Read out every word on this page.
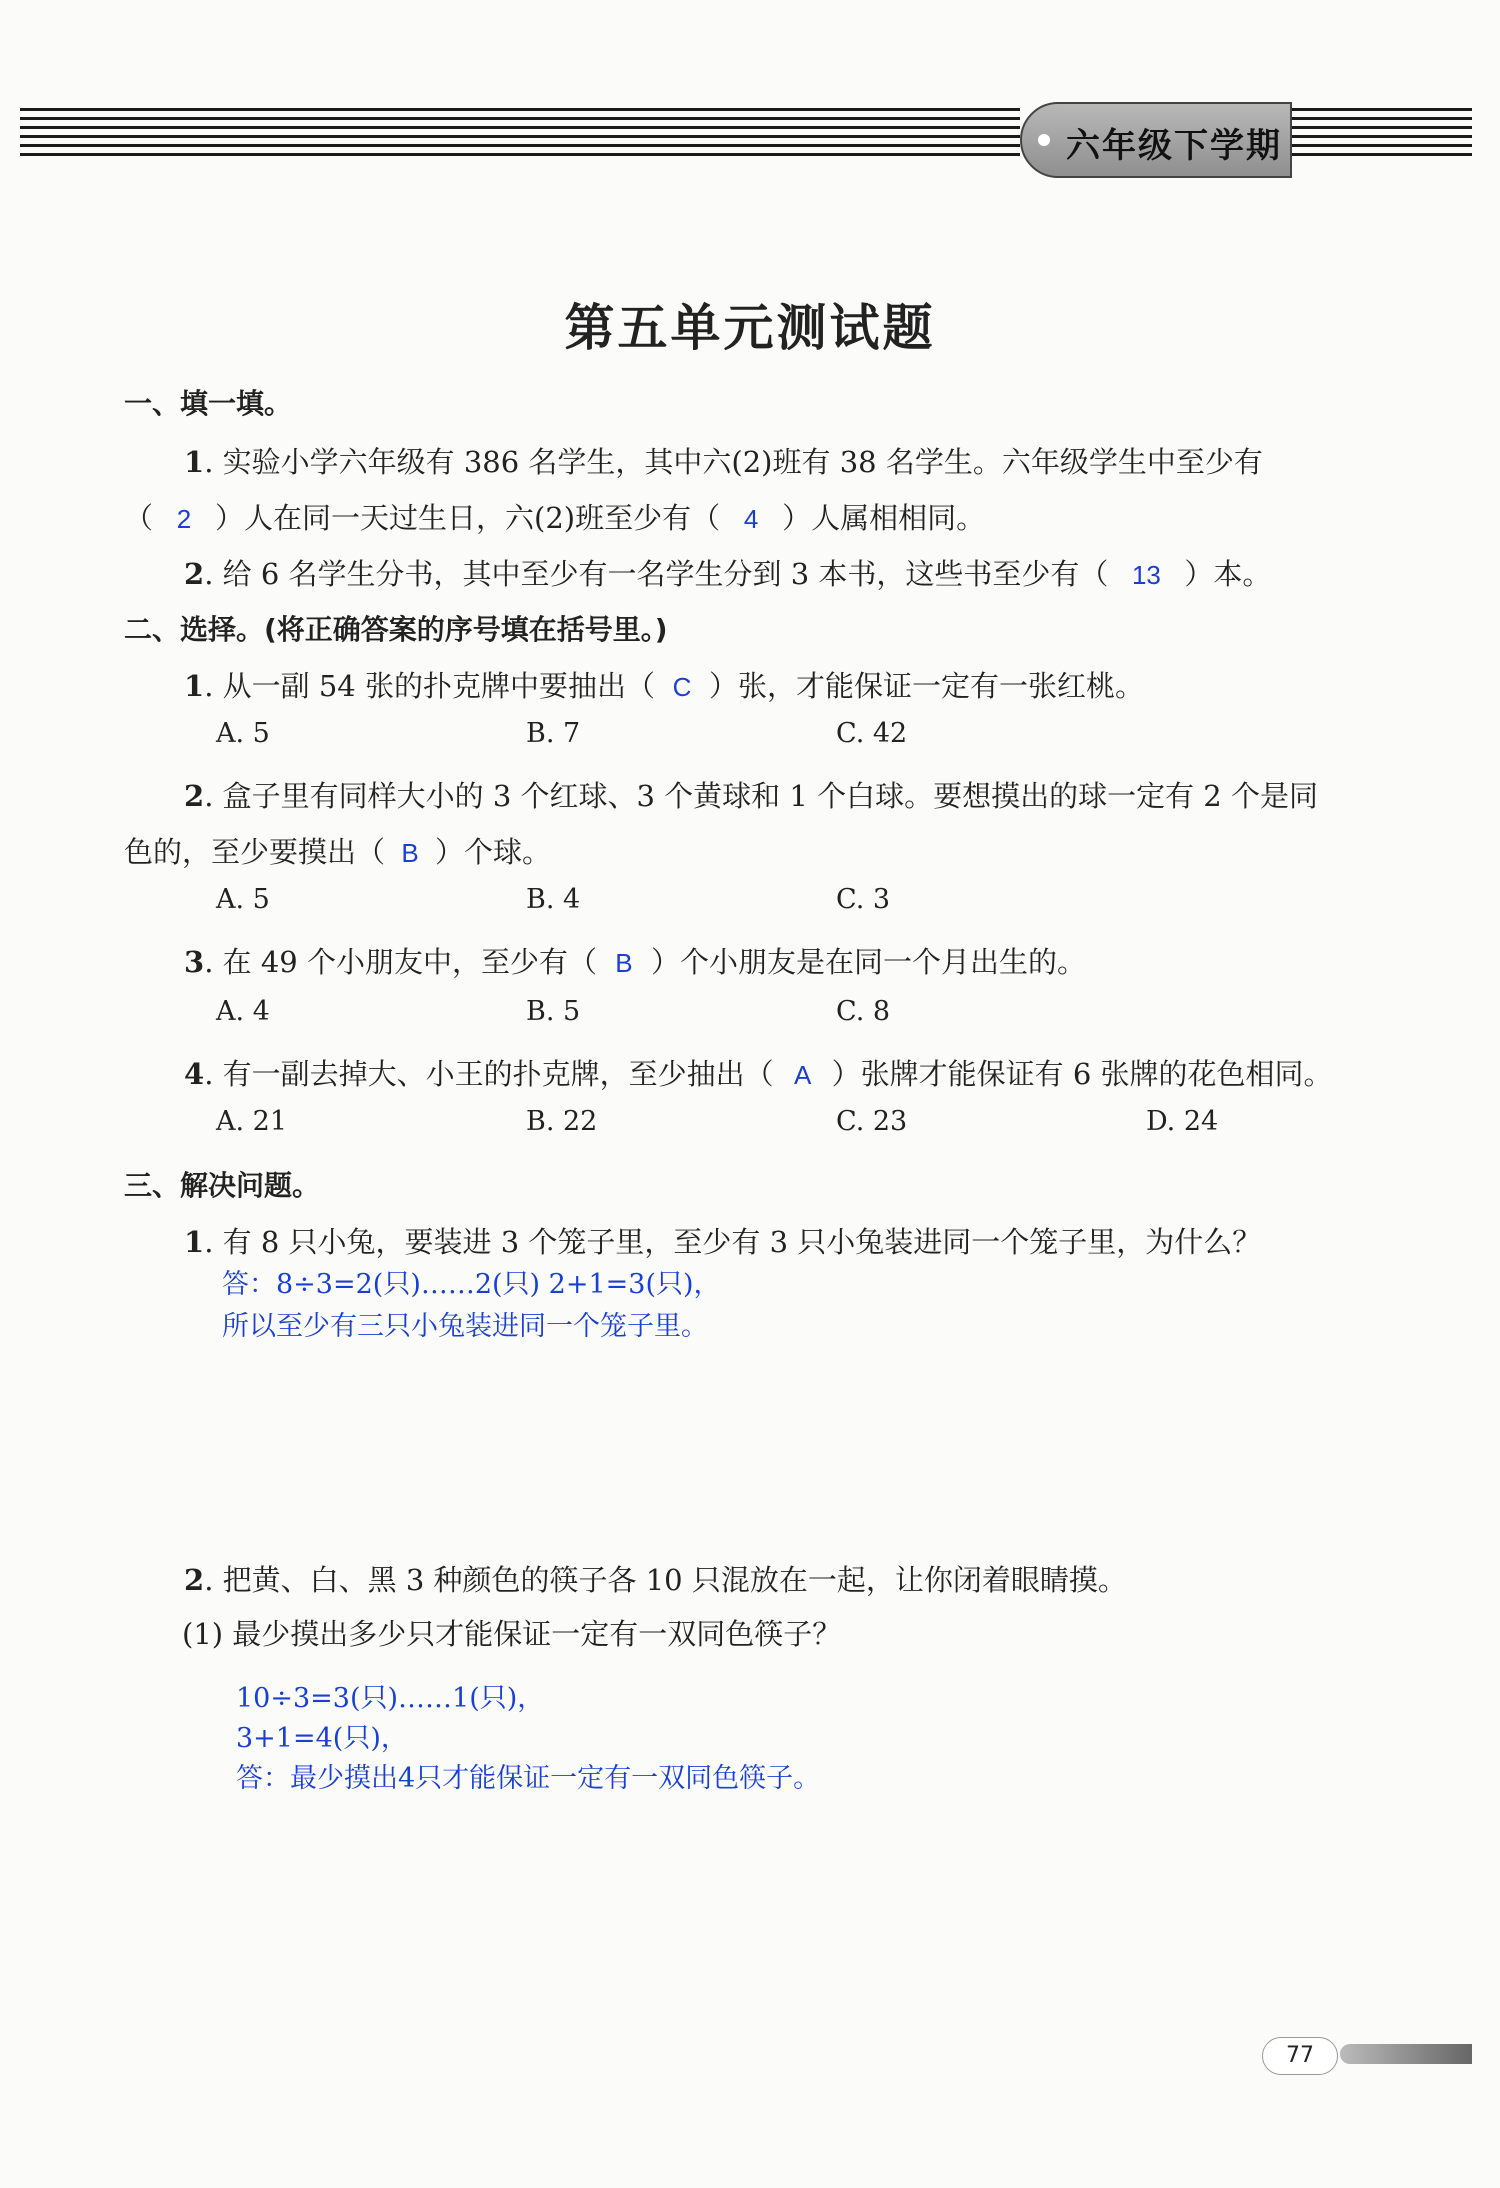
六年级下学期
第五单元测试题
一、填一填。
1. 实验小学六年级有 386 名学生，其中六(2)班有 38 名学生。六年级学生中至少有
（ 2 ）人在同一天过生日，六(2)班至少有（ 4 ）人属相相同。
2. 给 6 名学生分书，其中至少有一名学生分到 3 本书，这些书至少有（ 13 ）本。
二、选择。(将正确答案的序号填在括号里。)
1. 从一副 54 张的扑克牌中要抽出（ C ）张，才能保证一定有一张红桃。
A. 5	B. 7	C. 42
2. 盒子里有同样大小的 3 个红球、3 个黄球和 1 个白球。要想摸出的球一定有 2 个是同
色的，至少要摸出（ B ）个球。
A. 5	B. 4	C. 3
3. 在 49 个小朋友中，至少有（ B ）个小朋友是在同一个月出生的。
A. 4	B. 5	C. 8
4. 有一副去掉大、小王的扑克牌，至少抽出（ A ）张牌才能保证有 6 张牌的花色相同。
A. 21	B. 22	C. 23	D. 24
三、解决问题。
1. 有 8 只小兔，要装进 3 个笼子里，至少有 3 只小兔装进同一个笼子里，为什么？
答：8÷3=2(只)……2(只) 2+1=3(只)，
所以至少有三只小兔装进同一个笼子里。
2. 把黄、白、黑 3 种颜色的筷子各 10 只混放在一起，让你闭着眼睛摸。
(1) 最少摸出多少只才能保证一定有一双同色筷子？
10÷3=3(只)……1(只)，
3+1=4(只)，
答：最少摸出4只才能保证一定有一双同色筷子。
77
